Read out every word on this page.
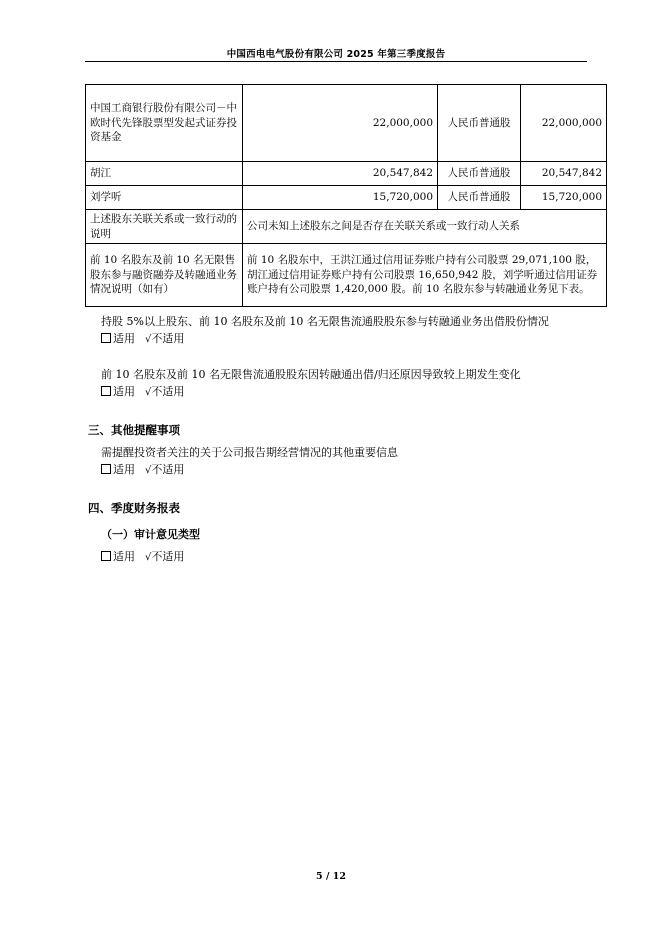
中国西电电气股份有限公司 2025 年第三季度报告
中国工商银行股份有限公司－中欧时代先锋股票型发起式证券投资基金	22,000,000	人民币普通股	22,000,000
胡江	20,547,842	人民币普通股	20,547,842
刘学听	15,720,000	人民币普通股	15,720,000
上述股东关联关系或一致行动的说明	公司未知上述股东之间是否存在关联关系或一致行动人关系		
前 10 名股东及前 10 名无限售股东参与融资融券及转融通业务情况说明（如有）	前 10 名股东中，王洪江通过信用证券账户持有公司股票 29,071,100 股，胡江通过信用证券账户持有公司股票 16,650,942 股，刘学听通过信用证券账户持有公司股票 1,420,000 股。前 10 名股东参与转融通业务见下表。		
持股 5%以上股东、前 10 名股东及前 10 名无限售流通股股东参与转融通业务出借股份情况
适用 √不适用
前 10 名股东及前 10 名无限售流通股股东因转融通出借/归还原因导致较上期发生变化
适用 √不适用
三、其他提醒事项
需提醒投资者关注的关于公司报告期经营情况的其他重要信息
适用 √不适用
四、季度财务报表
（一）审计意见类型
适用 √不适用
5 / 12
